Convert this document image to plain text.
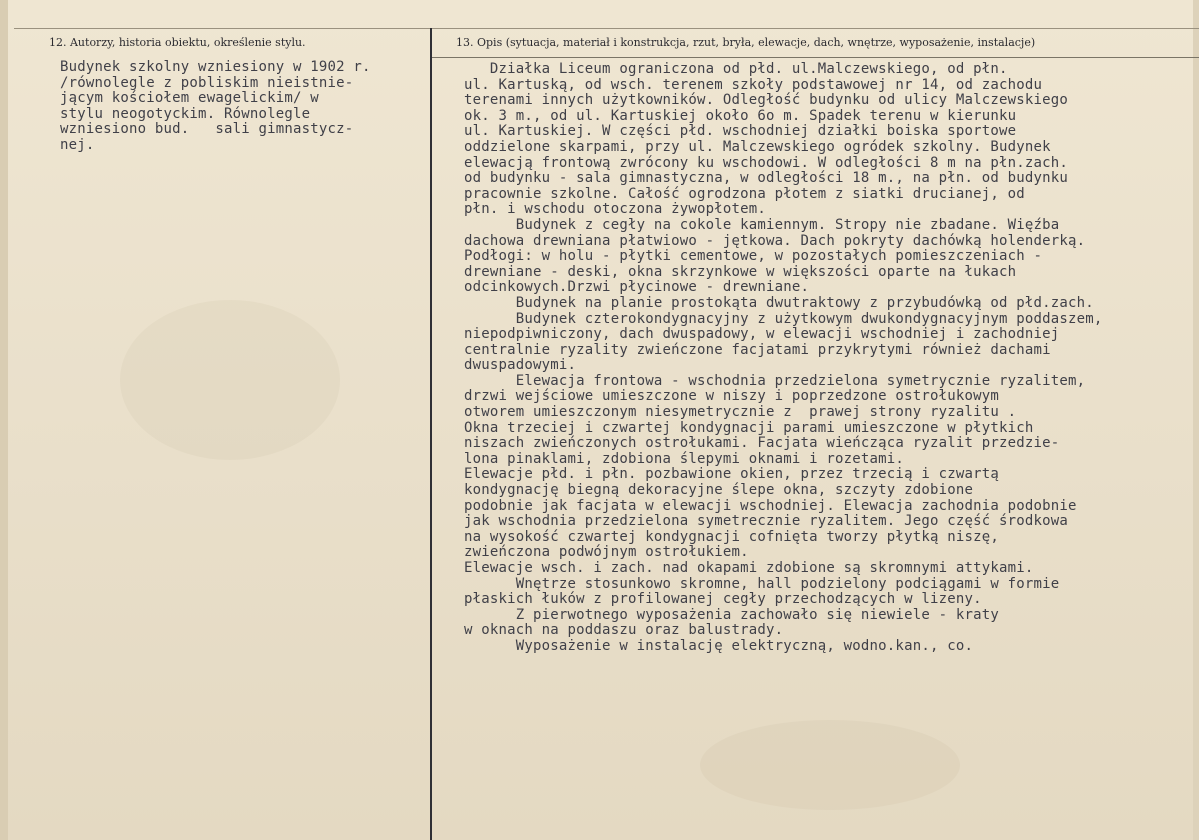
12. Autorzy, historia obiektu, określenie stylu.	13. Opis (sytuacja, materiał i konstrukcja, rzut, bryła, elewacje, dach, wnętrze, wyposażenie, instalacje)
Budynek szkolny wzniesiony w 1902 r.
/równolegle z pobliskim nieistnie-
jącym kościołem ewagelickim/ w
stylu neogotyckim. Równolegle
wzniesiono bud.   sali gimnastycz-
nej.
Działka Liceum ograniczona od płd. ul.Malczewskiego, od płn.
ul. Kartuską, od wsch. terenem szkoły podstawowej nr 14, od zachodu
terenami innych użytkowników. Odległość budynku od ulicy Malczewskiego
ok. 3 m., od ul. Kartuskiej około 6o m. Spadek terenu w kierunku
ul. Kartuskiej. W części płd. wschodniej działki boiska sportowe
oddzielone skarpami, przy ul. Malczewskiego ogródek szkolny. Budynek
elewacją frontową zwrócony ku wschodowi. W odległości 8 m na płn.zach.
od budynku - sala gimnastyczna, w odległości 18 m., na płn. od budynku
pracownie szkolne. Całość ogrodzona płotem z siatki drucianej, od
płn. i wschodu otoczona żywopłotem.
Budynek z cegły na cokole kamiennym. Stropy nie zbadane. Więźba
dachowa drewniana płatwiowo - jętkowa. Dach pokryty dachówką holenderką.
Podłogi: w holu - płytki cementowe, w pozostałych pomieszczeniach -
drewniane - deski, okna skrzynkowe w większości oparte na łukach
odcinkowych.Drzwi płycinowe - drewniane.
Budynek na planie prostokąta dwutraktowy z przybudówką od płd.zach.
Budynek czterokondygnacyjny z użytkowym dwukondygnacyjnym poddaszem,
niepodpiwniczony, dach dwuspadowy, w elewacji wschodniej i zachodniej
centralnie ryzality zwieńczone facjatami przykrytymi również dachami
dwuspadowymi.
Elewacja frontowa - wschodnia przedzielona symetrycznie ryzalitem,
drzwi wejściowe umieszczone w niszy i poprzedzone ostrołukowym
otworem umieszczonym niesymetrycznie z  prawej strony ryzalitu .
Okna trzeciej i czwartej kondygnacji parami umieszczone w płytkich
niszach zwieńczonych ostrołukami. Facjata wieńcząca ryzalit przedzie-
lona pinaklami, zdobiona ślepymi oknami i rozetami.
Elewacje płd. i płn. pozbawione okien, przez trzecią i czwartą
kondygnację biegną dekoracyjne ślepe okna, szczyty zdobione
podobnie jak facjata w elewacji wschodniej. Elewacja zachodnia podobnie
jak wschodnia przedzielona symetrecznie ryzalitem. Jego część środkowa
na wysokość czwartej kondygnacji cofnięta tworzy płytką niszę,
zwieńczona podwójnym ostrołukiem.
Elewacje wsch. i zach. nad okapami zdobione są skromnymi attykami.
Wnętrze stosunkowo skromne, hall podzielony podciągami w formie
płaskich łuków z profilowanej cegły przechodzących w lizeny.
Z pierwotnego wyposażenia zachowało się niewiele - kraty
w oknach na poddaszu oraz balustrady.
Wyposażenie w instalację elektryczną, wodno.kan., co.
